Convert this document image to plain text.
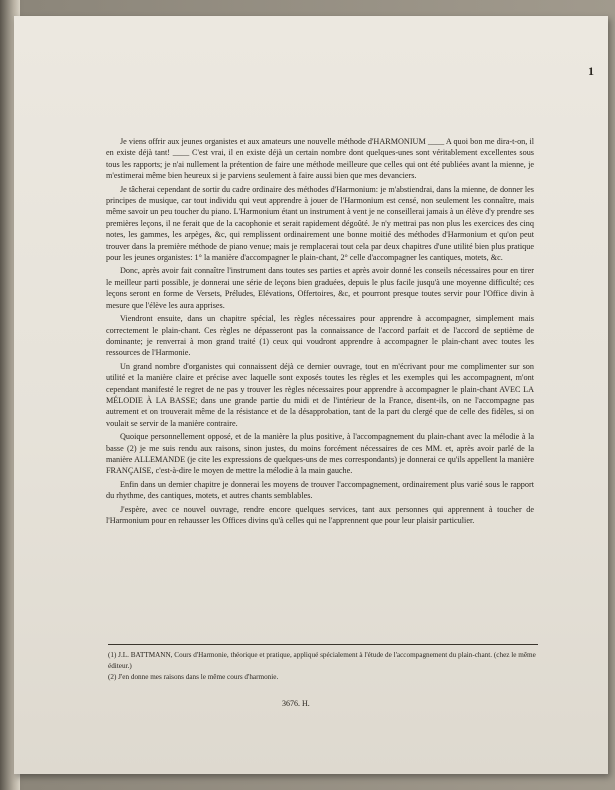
1

Je viens offrir aux jeunes organistes et aux amateurs une nouvelle méthode d'HARMONIUM ____ A quoi bon me dira-t-on, il en existe déjà tant! ____ C'est vrai, il en existe déjà un certain nombre dont quelques-unes sont véritablement excellentes sous tous les rapports; je n'ai nullement la prétention de faire une méthode meilleure que celles qui ont été publiées avant la mienne, je m'estimerai même bien heureux si je parviens seulement à faire aussi bien que mes devanciers.

Je tâcherai cependant de sortir du cadre ordinaire des méthodes d'Harmonium: je m'abstiendrai, dans la mienne, de donner les principes de musique, car tout individu qui veut apprendre à jouer de l'Harmonium est censé, non seulement les connaître, mais même savoir un peu toucher du piano. L'Harmonium étant un instrument à vent je ne conseillerai jamais à un élève d'y prendre ses premières leçons, il ne ferait que de la cacophonie et serait rapidement dégoûté. Je n'y mettrai pas non plus les exercices des cinq notes, les gammes, les arpèges, &c, qui remplissent ordinairement une bonne moitié des méthodes d'Harmonium et qu'on peut trouver dans la première méthode de piano venue; mais je remplacerai tout cela par deux chapitres d'une utilité bien plus pratique pour les jeunes organistes: 1° la manière d'accompagner le plain-chant, 2° celle d'accompagner les cantiques, motets, &c.

Donc, après avoir fait connaître l'instrument dans toutes ses parties et après avoir donné les conseils nécessaires pour en tirer le meilleur parti possible, je donnerai une série de leçons bien graduées, depuis le plus facile jusqu'à une moyenne difficulté; ces leçons seront en forme de Versets, Préludes, Elévations, Offertoires, &c, et pourront presque toutes servir pour l'Office divin à mesure que l'élève les aura apprises.

Viendront ensuite, dans un chapitre spécial, les règles nécessaires pour apprendre à accompagner, simplement mais correctement le plain-chant. Ces règles ne dépasseront pas la connaissance de l'accord parfait et de l'accord de septième de dominante; je renverrai à mon grand traité (1) ceux qui voudront apprendre à accompagner le plain-chant avec toutes les ressources de l'Harmonie.

Un grand nombre d'organistes qui connaissent déjà ce dernier ouvrage, tout en m'écrivant pour me complimenter sur son utilité et la manière claire et précise avec laquelle sont exposés toutes les règles et les exemples qui les accompagnent, m'ont cependant manifesté le regret de ne pas y trouver les règles nécessaires pour apprendre à accompagner le plain-chant AVEC LA MÉLODIE À LA BASSE; dans une grande partie du midi et de l'intérieur de la France, disent-ils, on ne l'accompagne pas autrement et on trouverait même de la résistance et de la désapprobation, tant de la part du clergé que de celle des fidèles, si on voulait se servir de la manière contraire.

Quoique personnellement opposé, et de la manière la plus positive, à l'accompagnement du plain-chant avec la mélodie à la basse (2) je me suis rendu aux raisons, sinon justes, du moins forcément nécessaires de ces MM. et, après avoir parlé de la manière ALLEMANDE (je cite les expressions de quelques-uns de mes correspondants) je donnerai ce qu'ils appellent la manière FRANÇAISE, c'est-à-dire le moyen de mettre la mélodie à la main gauche.

Enfin dans un dernier chapitre je donnerai les moyens de trouver l'accompagnement, ordinairement plus varié sous le rapport du rhythme, des cantiques, motets, et autres chants semblables.

J'espère, avec ce nouvel ouvrage, rendre encore quelques services, tant aux personnes qui apprennent à toucher de l'Harmonium pour en rehausser les Offices divins qu'à celles qui ne l'apprennent que pour leur plaisir particulier.

(1) J.L. BATTMANN, Cours d'Harmonie, théorique et pratique, appliqué spécialement à l'étude de l'accompagnement du plain-chant. (chez le même éditeur.)

(2) J'en donne mes raisons dans le même cours d'harmonie.

3676. H.
